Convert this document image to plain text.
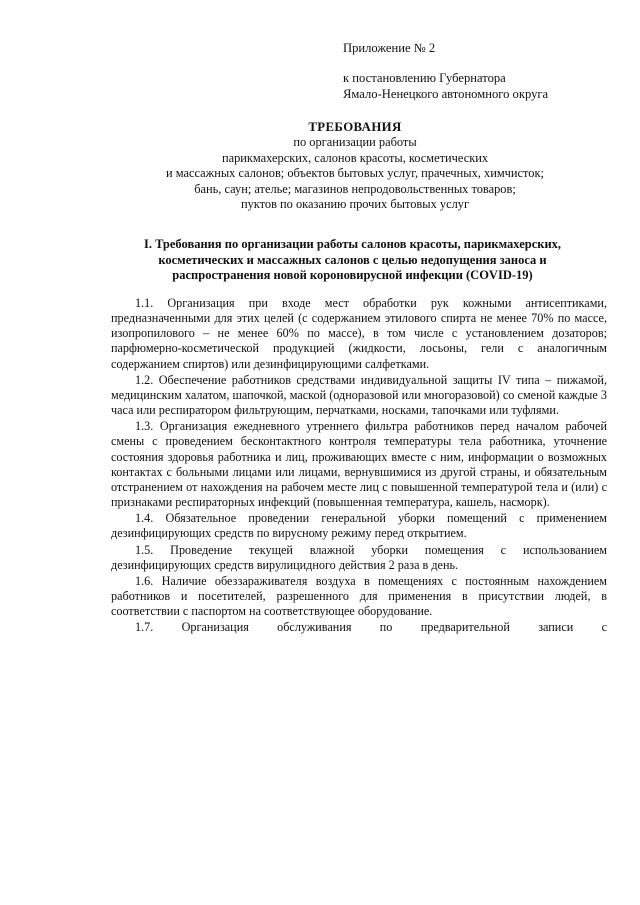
Приложение № 2
к постановлению Губернатора
Ямало-Ненецкого автономного округа
ТРЕБОВАНИЯ
по организации работы
парикмахерских, салонов красоты, косметических
и массажных салонов; объектов бытовых услуг, прачечных, химчисток;
бань, саун; ателье; магазинов непродовольственных товаров;
пуктов по оказанию прочих бытовых услуг
I. Требования по организации работы салонов красоты, парикмахерских,
косметических и массажных салонов с целью недопущения заноса и
распространения новой короновирусной инфекции (COVID-19)

1.1. Организация при входе мест обработки рук кожными антисептиками, предназначенными для этих целей (с содержанием этилового спирта не менее 70% по массе, изопропилового – не менее 60% по массе), в том числе с установлением дозаторов; парфюмерно-косметической продукцией (жидкости, лосьоны, гели с аналогичным содержанием спиртов) или дезинфицирующими салфетками.

1.2. Обеспечение работников средствами индивидуальной защиты IV типа – пижамой, медицинским халатом, шапочкой, маской (одноразовой или многоразовой) со сменой каждые 3 часа или респиратором фильтрующим, перчатками, носками, тапочками или туфлями.

1.3. Организация ежедневного утреннего фильтра работников перед началом рабочей смены с проведением бесконтактного контроля температуры тела работника, уточнение состояния здоровья работника и лиц, проживающих вместе с ним, информации о возможных контактах с больными лицами или лицами, вернувшимися из другой страны, и обязательным отстранением от нахождения на рабочем месте лиц с повышенной температурой тела и (или) с признаками респираторных инфекций (повышенная температура, кашель, насморк).

1.4. Обязательное проведении генеральной уборки помещений с применением дезинфицирующих средств по вирусному режиму перед открытием.

1.5. Проведение текущей влажной уборки помещения с использованием дезинфицирующих средств вирулицидного действия 2 раза в день.

1.6. Наличие обеззараживателя воздуха в помещениях с постоянным нахождением работников и посетителей, разрешенного для применения в присутствии людей, в соответствии с паспортом на соответствующее оборудование.

1.7. Организация обслуживания по предварительной записи с
